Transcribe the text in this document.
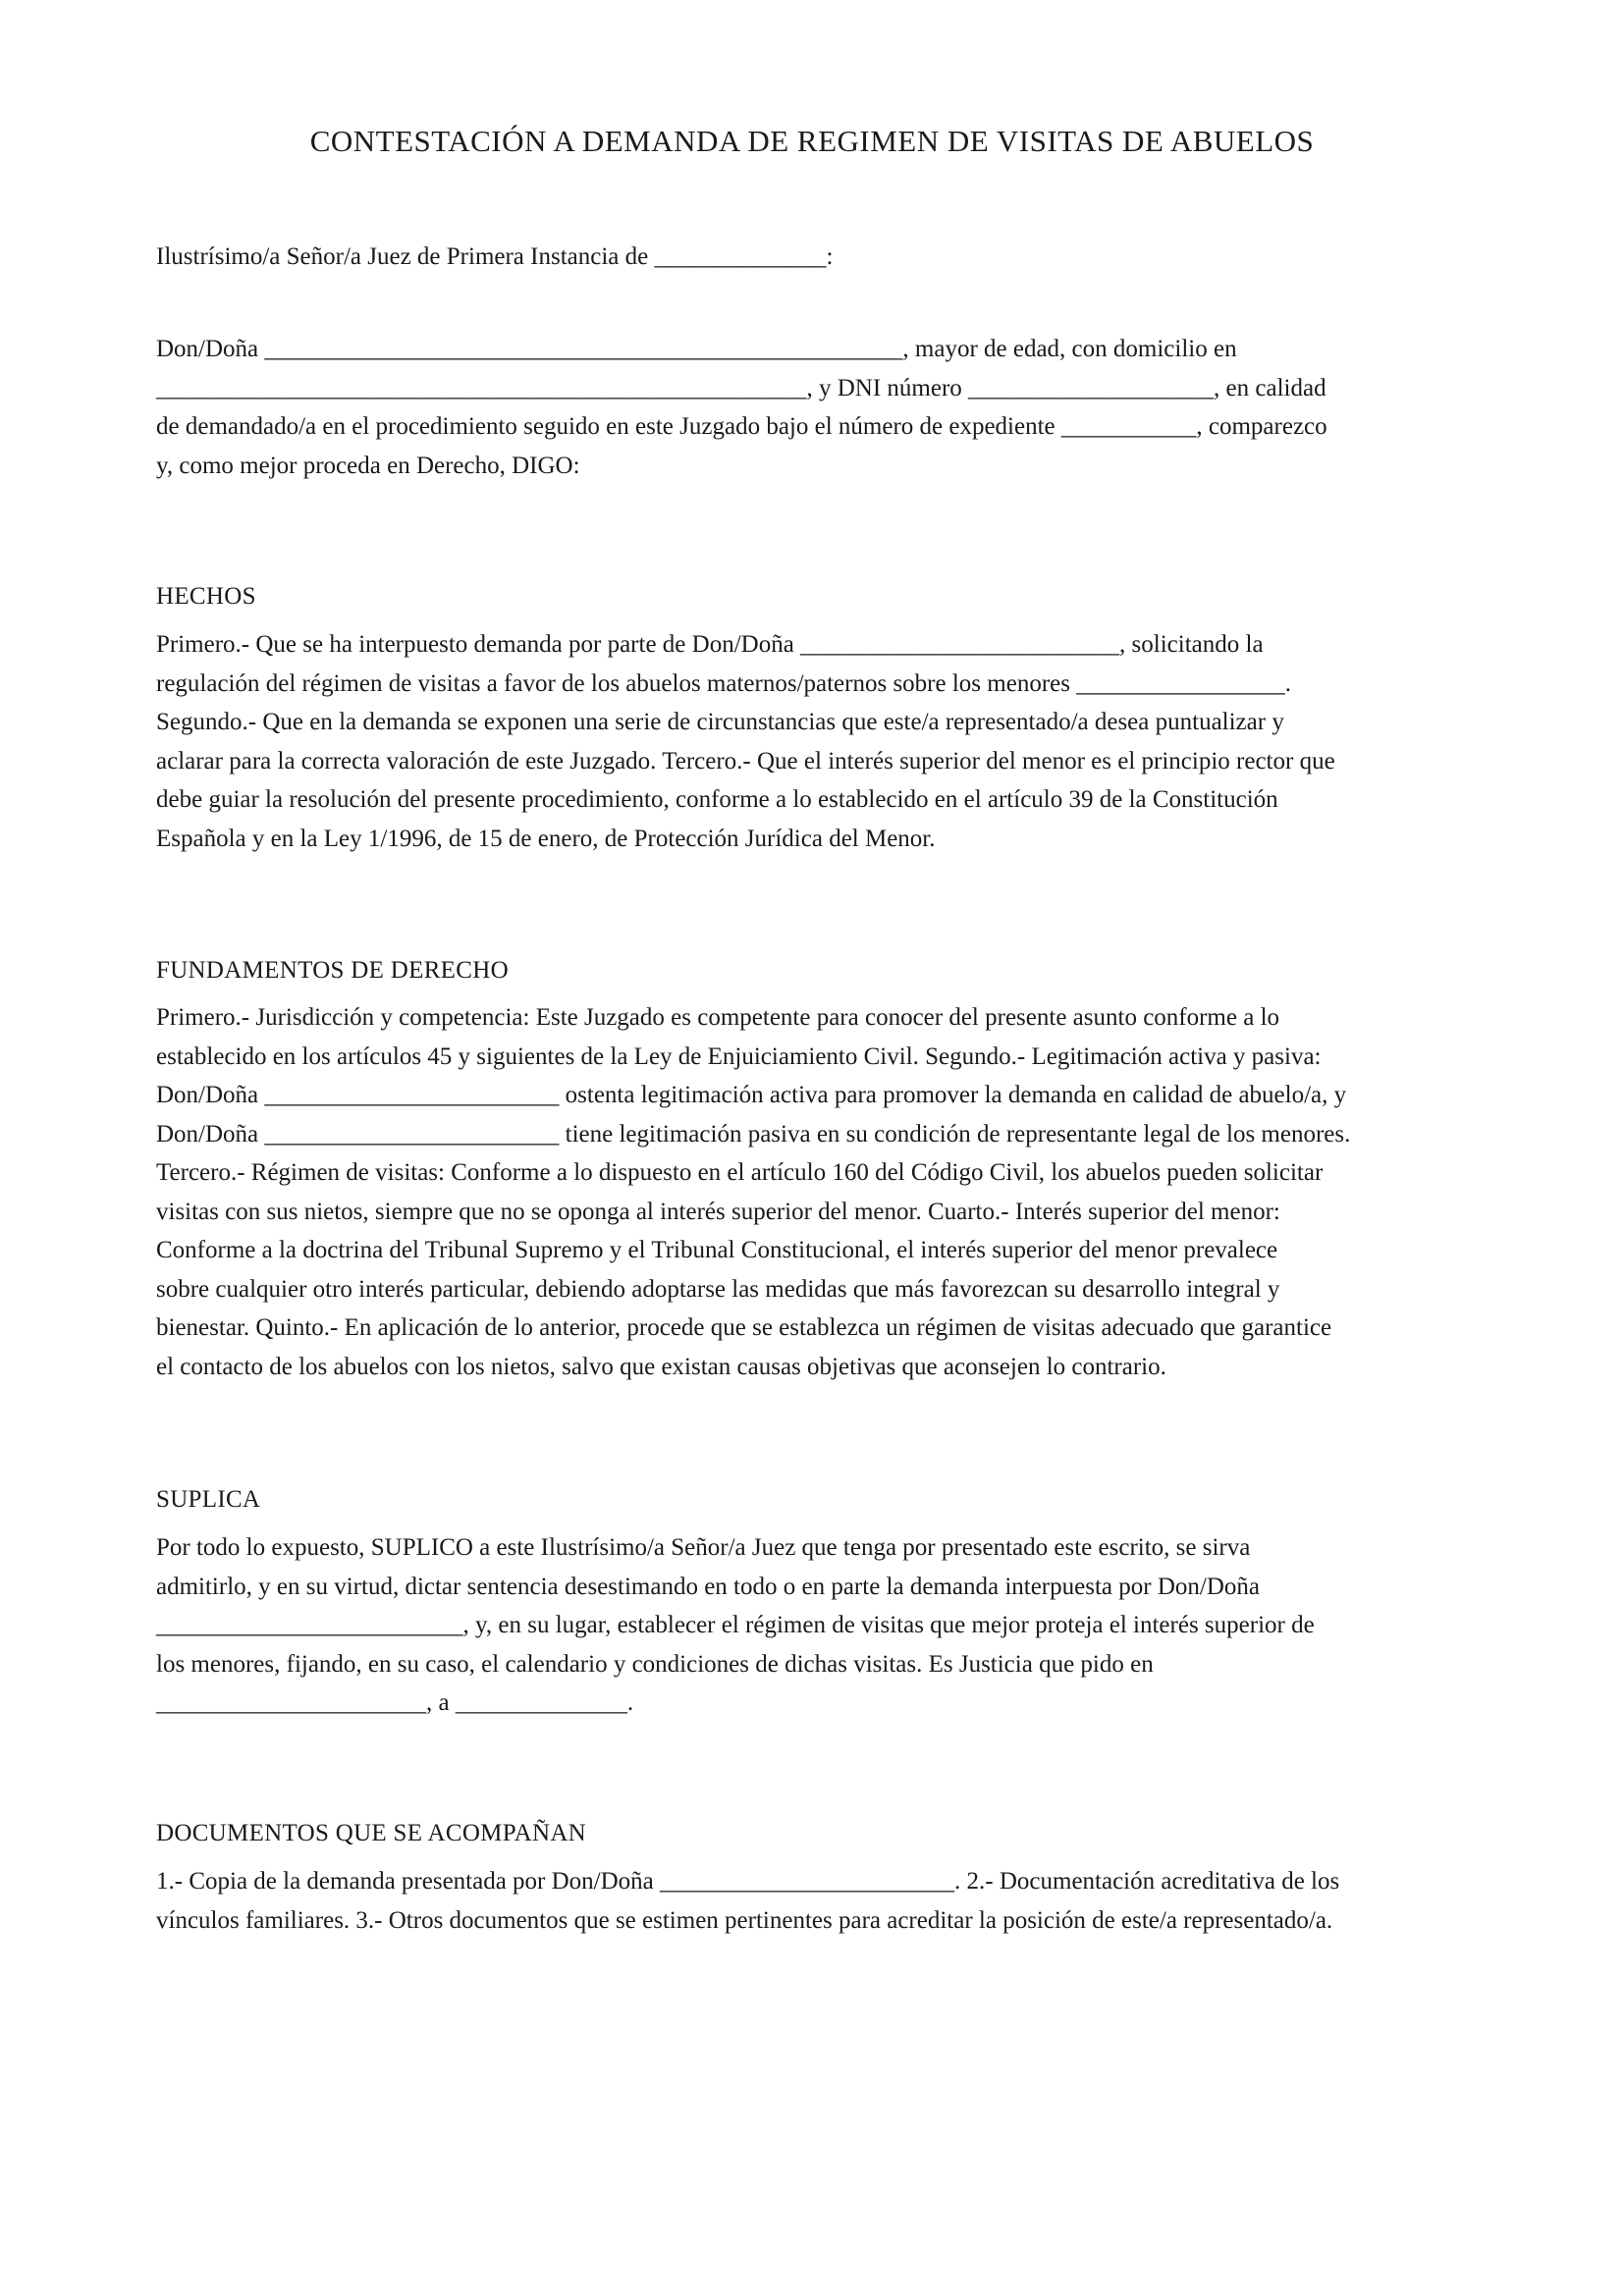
CONTESTACIÓN A DEMANDA DE REGIMEN DE VISITAS DE ABUELOS
Ilustrísimo/a Señor/a Juez de Primera Instancia de ______________:
Don/Doña ____________________________________________________, mayor de edad, con domicilio en
_____________________________________________________, y DNI número ____________________, en calidad
de demandado/a en el procedimiento seguido en este Juzgado bajo el número de expediente ___________, comparezco
y, como mejor proceda en Derecho, DIGO:
HECHOS
Primero.- Que se ha interpuesto demanda por parte de Don/Doña __________________________, solicitando la
regulación del régimen de visitas a favor de los abuelos maternos/paternos sobre los menores _________________.
Segundo.- Que en la demanda se exponen una serie de circunstancias que este/a representado/a desea puntualizar y
aclarar para la correcta valoración de este Juzgado. Tercero.- Que el interés superior del menor es el principio rector que
debe guiar la resolución del presente procedimiento, conforme a lo establecido en el artículo 39 de la Constitución
Española y en la Ley 1/1996, de 15 de enero, de Protección Jurídica del Menor.
FUNDAMENTOS DE DERECHO
Primero.- Jurisdicción y competencia: Este Juzgado es competente para conocer del presente asunto conforme a lo
establecido en los artículos 45 y siguientes de la Ley de Enjuiciamiento Civil. Segundo.- Legitimación activa y pasiva:
Don/Doña ________________________ ostenta legitimación activa para promover la demanda en calidad de abuelo/a, y
Don/Doña ________________________ tiene legitimación pasiva en su condición de representante legal de los menores.
Tercero.- Régimen de visitas: Conforme a lo dispuesto en el artículo 160 del Código Civil, los abuelos pueden solicitar
visitas con sus nietos, siempre que no se oponga al interés superior del menor. Cuarto.- Interés superior del menor:
Conforme a la doctrina del Tribunal Supremo y el Tribunal Constitucional, el interés superior del menor prevalece
sobre cualquier otro interés particular, debiendo adoptarse las medidas que más favorezcan su desarrollo integral y
bienestar. Quinto.- En aplicación de lo anterior, procede que se establezca un régimen de visitas adecuado que garantice
el contacto de los abuelos con los nietos, salvo que existan causas objetivas que aconsejen lo contrario.
SUPLICA
Por todo lo expuesto, SUPLICO a este Ilustrísimo/a Señor/a Juez que tenga por presentado este escrito, se sirva
admitirlo, y en su virtud, dictar sentencia desestimando en todo o en parte la demanda interpuesta por Don/Doña
_________________________, y, en su lugar, establecer el régimen de visitas que mejor proteja el interés superior de
los menores, fijando, en su caso, el calendario y condiciones de dichas visitas. Es Justicia que pido en
______________________, a ______________.
DOCUMENTOS QUE SE ACOMPAÑAN
1.- Copia de la demanda presentada por Don/Doña ________________________. 2.- Documentación acreditativa de los
vínculos familiares. 3.- Otros documentos que se estimen pertinentes para acreditar la posición de este/a representado/a.
